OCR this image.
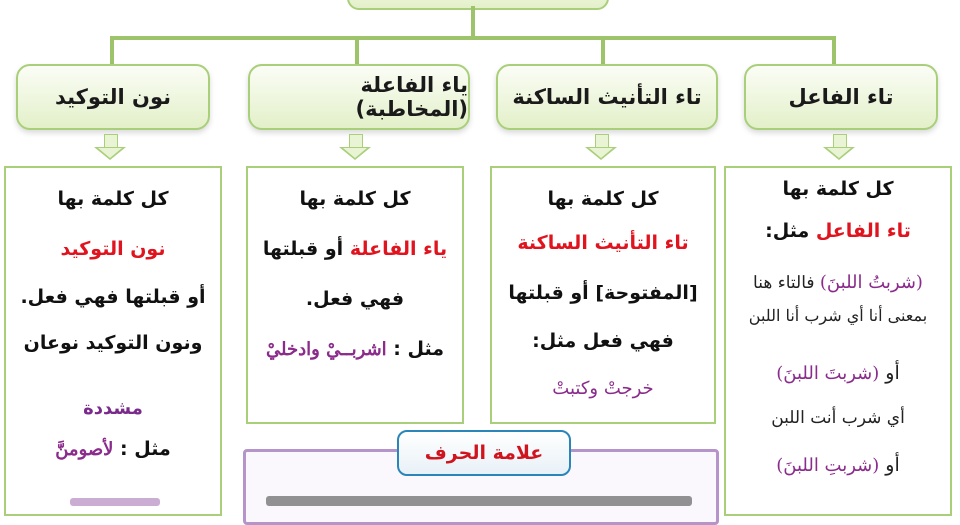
تاء الفاعل
تاء التأنيث الساكنة
ياء الفاعلة (المخاطبة)
نون التوكيد
كل كلمة بها
تاء الفاعل مثل:
(شربتُ اللبنَ) فالتاء هنا
بمعنى أنا أي شرب أنا اللبن
أو (شربتَ اللبنَ)
أي شرب أنت اللبن
أو (شربتِ اللبنَ)
كل كلمة بها
تاء التأنيث الساكنة
[المفتوحة] أو قبلتها
فهي فعل مثل:
خرجتْ وكتبتْ
كل كلمة بها
ياء الفاعلة أو قبلتها
فهي فعل.
مثل : اشربــيْ وادخليْ
كل كلمة بها
نون التوكيد
أو قبلتها فهي فعل.
ونون التوكيد نوعان
مشددة
مثل : لأصومنَّ	علامة الحرف
